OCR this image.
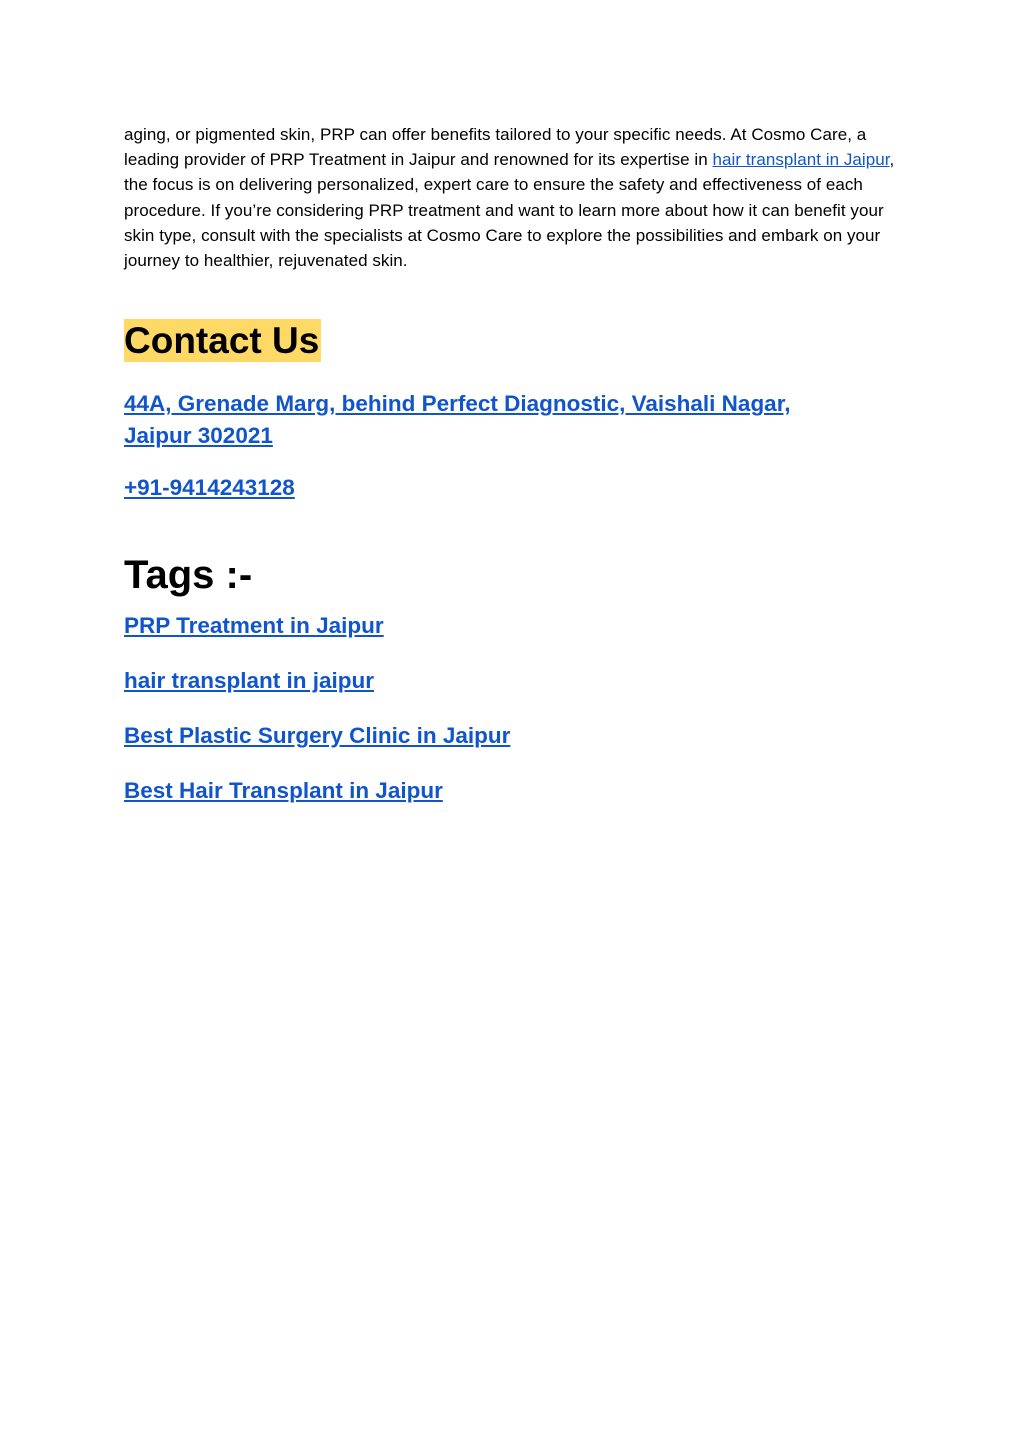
aging, or pigmented skin, PRP can offer benefits tailored to your specific needs. At Cosmo Care, a leading provider of PRP Treatment in Jaipur and renowned for its expertise in hair transplant in Jaipur, the focus is on delivering personalized, expert care to ensure the safety and effectiveness of each procedure. If you’re considering PRP treatment and want to learn more about how it can benefit your skin type, consult with the specialists at Cosmo Care to explore the possibilities and embark on your journey to healthier, rejuvenated skin.

Contact Us
44A, Grenade Marg, behind Perfect Diagnostic, Vaishali Nagar, Jaipur 302021
+91-9414243128
Tags :-
PRP Treatment in Jaipur
hair transplant in jaipur
Best Plastic Surgery Clinic in Jaipur
Best Hair Transplant in Jaipur
